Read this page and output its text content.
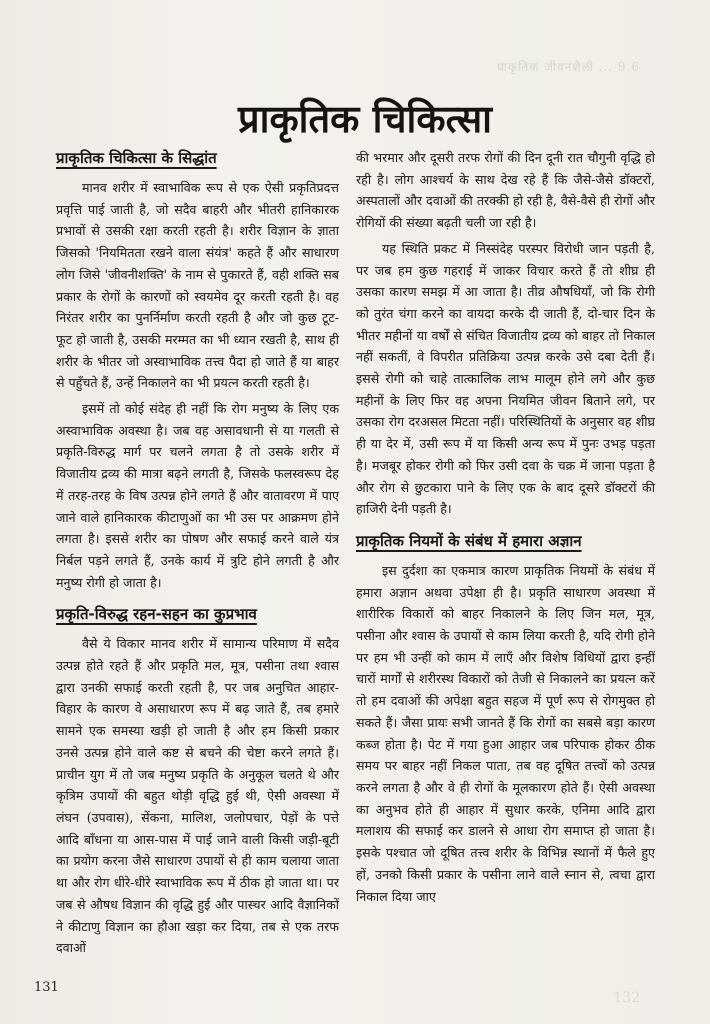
प्राकृतिक जीवनशैली ... 9.6
132
प्राकृतिक चिकित्सा
प्राकृतिक चिकित्सा के सिद्धांत

मानव शरीर में स्वाभाविक रूप से एक ऐसी प्रकृतिप्रदत्त प्रवृत्ति पाई जाती है, जो सदैव बाहरी और भीतरी हानिकारक प्रभावों से उसकी रक्षा करती रहती है। शरीर विज्ञान के ज्ञाता जिसको 'नियमितता रखने वाला संयंत्र' कहते हैं और साधारण लोग जिसे 'जीवनीशक्ति' के नाम से पुकारते हैं, वही शक्ति सब प्रकार के रोगों के कारणों को स्वयमेव दूर करती रहती है। वह निरंतर शरीर का पुनर्निर्माण करती रहती है और जो कुछ टूट-फूट हो जाती है, उसकी मरम्मत का भी ध्यान रखती है, साथ ही शरीर के भीतर जो अस्वाभाविक तत्त्व पैदा हो जाते हैं या बाहर से पहुँचते हैं, उन्हें निकालने का भी प्रयत्न करती रहती है।

इसमें तो कोई संदेह ही नहीं कि रोग मनुष्य के लिए एक अस्वाभाविक अवस्था है। जब वह असावधानी से या गलती से प्रकृति-विरुद्ध मार्ग पर चलने लगता है तो उसके शरीर में विजातीय द्रव्य की मात्रा बढ़ने लगती है, जिसके फलस्वरूप देह में तरह-तरह के विष उत्पन्न होने लगते हैं और वातावरण में पाए जाने वाले हानिकारक कीटाणुओं का भी उस पर आक्रमण होने लगता है। इससे शरीर का पोषण और सफाई करने वाले यंत्र निर्बल पड़ने लगते हैं, उनके कार्य में त्रुटि होने लगती है और मनुष्य रोगी हो जाता है।

प्रकृति-विरुद्ध रहन-सहन का कुप्रभाव

वैसे ये विकार मानव शरीर में सामान्य परिमाण में सदैव उत्पन्न होते रहते हैं और प्रकृति मल, मूत्र, पसीना तथा श्वास द्वारा उनकी सफाई करती रहती है, पर जब अनुचित आहार-विहार के कारण वे असाधारण रूप में बढ़ जाते हैं, तब हमारे सामने एक समस्या खड़ी हो जाती है और हम किसी प्रकार उनसे उत्पन्न होने वाले कष्ट से बचने की चेष्टा करने लगते हैं। प्राचीन युग में तो जब मनुष्य प्रकृति के अनुकूल चलते थे और कृत्रिम उपायों की बहुत थोड़ी वृद्धि हुई थी, ऐसी अवस्था में लंघन (उपवास), सेंकना, मालिश, जलोपचार, पेड़ों के पत्ते आदि बाँधना या आस-पास में पाई जाने वाली किसी जड़ी-बूटी का प्रयोग करना जैसे साधारण उपायों से ही काम चलाया जाता था और रोग धीरे-धीरे स्वाभाविक रूप में ठीक हो जाता था। पर जब से औषध विज्ञान की वृद्धि हुई और पास्चर आदि वैज्ञानिकों ने कीटाणु विज्ञान का हौआ खड़ा कर दिया, तब से एक तरफ दवाओं

की भरमार और दूसरी तरफ रोगों की दिन दूनी रात चौगुनी वृद्धि हो रही है। लोग आश्चर्य के साथ देख रहे हैं कि जैसे-जैसे डॉक्टरों, अस्पतालों और दवाओं की तरक्की हो रही है, वैसे-वैसे ही रोगों और रोगियों की संख्या बढ़ती चली जा रही है।

यह स्थिति प्रकट में निस्संदेह परस्पर विरोधी जान पड़ती है, पर जब हम कुछ गहराई में जाकर विचार करते हैं तो शीघ्र ही उसका कारण समझ में आ जाता है। तीव्र औषधियाँ, जो कि रोगी को तुरंत चंगा करने का वायदा करके दी जाती हैं, दो-चार दिन के भीतर महीनों या वर्षों से संचित विजातीय द्रव्य को बाहर तो निकाल नहीं सकतीं, वे विपरीत प्रतिक्रिया उत्पन्न करके उसे दबा देती हैं। इससे रोगी को चाहे तात्कालिक लाभ मालूम होने लगे और कुछ महीनों के लिए फिर वह अपना नियमित जीवन बिताने लगे, पर उसका रोग दरअसल मिटता नहीं। परिस्थितियों के अनुसार वह शीघ्र ही या देर में, उसी रूप में या किसी अन्य रूप में पुनः उभड़ पड़ता है। मजबूर होकर रोगी को फिर उसी दवा के चक्र में जाना पड़ता है और रोग से छुटकारा पाने के लिए एक के बाद दूसरे डॉक्टरों की हाजिरी देनी पड़ती है।

प्राकृतिक नियमों के संबंध में हमारा अज्ञान

इस दुर्दशा का एकमात्र कारण प्राकृतिक नियमों के संबंध में हमारा अज्ञान अथवा उपेक्षा ही है। प्रकृति साधारण अवस्था में शारीरिक विकारों को बाहर निकालने के लिए जिन मल, मूत्र, पसीना और श्वास के उपायों से काम लिया करती है, यदि रोगी होने पर हम भी उन्हीं को काम में लाएँ और विशेष विधियों द्वारा इन्हीं चारों मार्गों से शरीरस्थ विकारों को तेजी से निकालने का प्रयत्न करें तो हम दवाओं की अपेक्षा बहुत सहज में पूर्ण रूप से रोगमुक्त हो सकते हैं। जैसा प्रायः सभी जानते हैं कि रोगों का सबसे बड़ा कारण कब्ज होता है। पेट में गया हुआ आहार जब परिपाक होकर ठीक समय पर बाहर नहीं निकल पाता, तब वह दूषित तत्त्वों को उत्पन्न करने लगता है और वे ही रोगों के मूलकारण होते हैं। ऐसी अवस्था का अनुभव होते ही आहार में सुधार करके, एनिमा आदि द्वारा मलाशय की सफाई कर डालने से आधा रोग समाप्त हो जाता है। इसके पश्चात जो दूषित तत्त्व शरीर के विभिन्न स्थानों में फैले हुए हों, उनको किसी प्रकार के पसीना लाने वाले स्नान से, त्वचा द्वारा निकाल दिया जाए

131
